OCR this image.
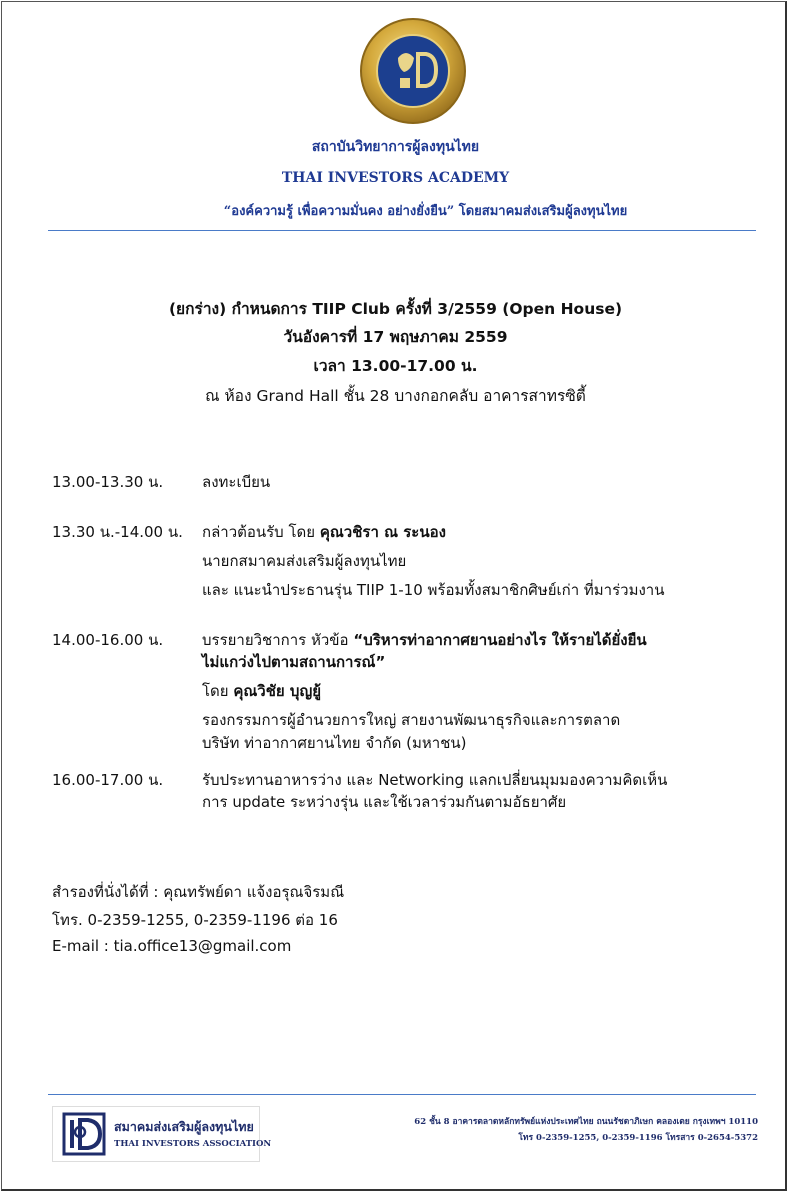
สถาบันวิทยาการผู้ลงทุนไทย
THAI INVESTORS ACADEMY
“องค์ความรู้ เพื่อความมั่นคง อย่างยั่งยืน” โดยสมาคมส่งเสริมผู้ลงทุนไทย
(ยกร่าง) กำหนดการ TIIP Club ครั้งที่ 3/2559 (Open House)
วันอังคารที่ 17 พฤษภาคม 2559
เวลา 13.00-17.00 น.
ณ ห้อง Grand Hall ชั้น 28 บางกอกคลับ อาคารสาทรซิตี้
13.00-13.30 น.	ลงทะเบียน
13.30 น.-14.00 น. กล่าวต้อนรับ โดย คุณวชิรา ณ ระนอง
นายกสมาคมส่งเสริมผู้ลงทุนไทย
และ แนะนำประธานรุ่น TIIP 1-10 พร้อมทั้งสมาชิกศิษย์เก่า ที่มาร่วมงาน
14.00-16.00 น.	บรรยายวิชาการ หัวข้อ “บริหารท่าอากาศยานอย่างไร ให้รายได้ยั่งยืน
ไม่แกว่งไปตามสถานการณ์”
โดย คุณวิชัย บุญยู้
รองกรรมการผู้อำนวยการใหญ่ สายงานพัฒนาธุรกิจและการตลาด
บริษัท ท่าอากาศยานไทย จำกัด (มหาชน)
16.00-17.00 น.	รับประทานอาหารว่าง และ Networking แลกเปลี่ยนมุมมองความคิดเห็น
การ update ระหว่างรุ่น และใช้เวลาร่วมกันตามอัธยาศัย
สำรองที่นั่งได้ที่ : คุณทรัพย์ดา แจ้งอรุณจิรมณี
โทร. 0-2359-1255, 0-2359-1196 ต่อ 16
E-mail : tia.office13@gmail.com
สมาคมส่งเสริมผู้ลงทุนไทย
THAI INVESTORS ASSOCIATION
62 ชั้น 8 อาคารตลาดหลักทรัพย์แห่งประเทศไทย ถนนรัชดาภิเษก คลองเตย กรุงเทพฯ 10110
โทร 0-2359-1255, 0-2359-1196 โทรสาร 0-2654-5372
